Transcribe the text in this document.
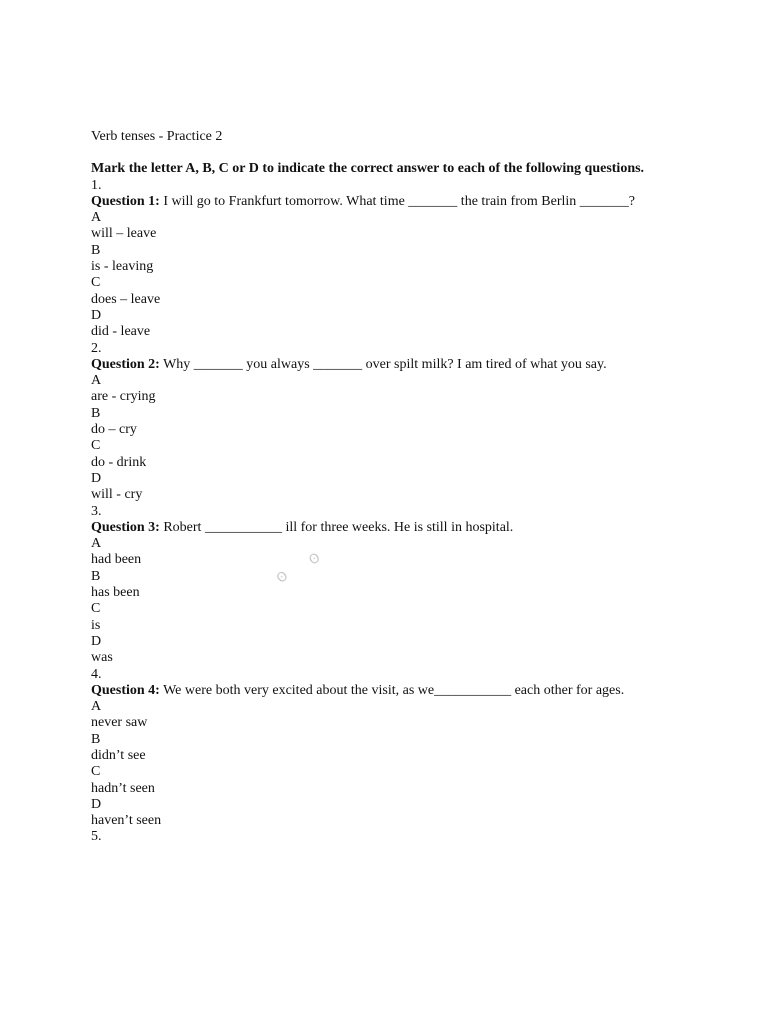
Verb tenses - Practice 2

Mark the letter A, B, C or D to indicate the correct answer to each of the following questions.

1.

Question 1: I will go to Frankfurt tomorrow. What time _______ the train from Berlin _______?

A

will – leave

B

is - leaving

C

does – leave

D

did - leave

2.

Question 2: Why _______ you always _______ over spilt milk? I am tired of what you say.

A

are - crying

B

do – cry

C

do - drink

D

will - cry

3.

Question 3: Robert ___________ ill for three weeks. He is still in hospital.

A

had been

B

has been

C

is

D

was

4.

Question 4: We were both very excited about the visit, as we___________ each other for ages.

A

never saw

B

didn’t see

C

hadn’t seen

D

haven’t seen

5.

ʘ
ʘ
